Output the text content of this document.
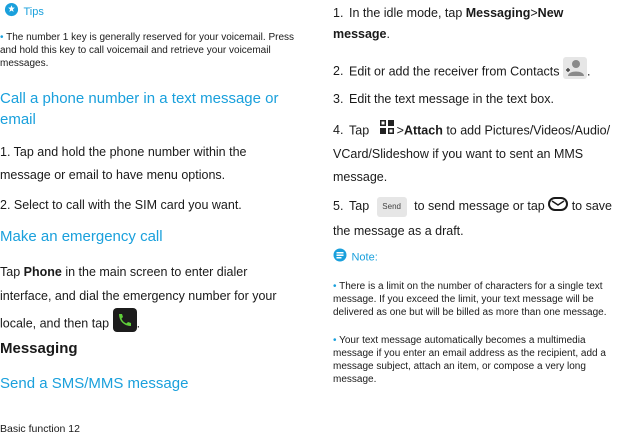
Tips
• The number 1 key is generally reserved for your voicemail. Press and hold this key to call voicemail and retrieve your voicemail messages.
Call a phone number in a text message or email
1. Tap and hold the phone number within the message or email to have menu options.
2. Select to call with the SIM card you want.
Make an emergency call
Tap Phone in the main screen to enter dialer interface, and dial the emergency number for your locale, and then tap .
Messaging
Send a SMS/MMS message
Basic function 12
1. In the idle mode, tap Messaging>New message.
2. Edit or add the receiver from Contacts .
3. Edit the text message in the text box.
4. Tap >Attach to add Pictures/Videos/Audio/ VCard/Slideshow if you want to sent an MMS message.
5. Tap Send to send message or tap  to save the message as a draft.
Note:
• There is a limit on the number of characters for a single text message. If you exceed the limit, your text message will be delivered as one but will be billed as more than one message.
• Your text message automatically becomes a multimedia message if you enter an email address as the recipient, add a message subject, attach an item, or compose a very long message.
